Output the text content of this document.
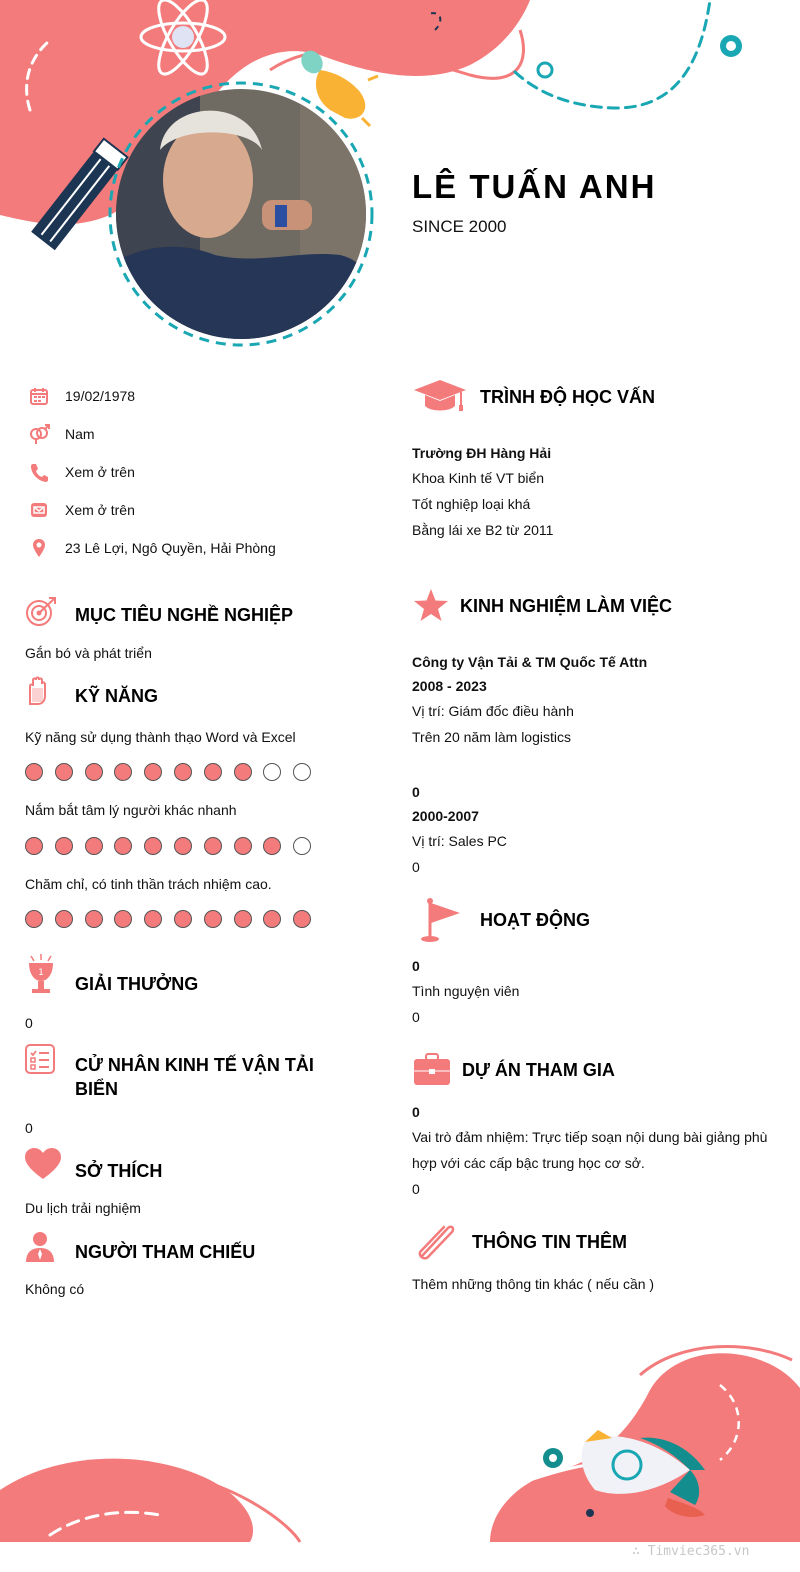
LÊ TUẤN ANH
SINCE 2000
19/02/1978
Nam
Xem ở trên
Xem ở trên
23 Lê Lợi, Ngô Quyền, Hải Phòng
MỤC TIÊU NGHỀ NGHIỆP
Gắn bó và phát triển
KỸ NĂNG
Kỹ năng sử dụng thành thạo Word và Excel
Nắm bắt tâm lý người khác nhanh
Chăm chỉ, có tinh thần trách nhiệm cao.
1
GIẢI THƯỞNG
0
CỬ NHÂN KINH TẾ VẬN TẢI
BIỂN
0
SỞ THÍCH
Du lịch trải nghiệm
NGƯỜI THAM CHIẾU
Không có
TRÌNH ĐỘ HỌC VẤN
Trường ĐH Hàng Hải
Khoa Kinh tế VT biển
Tốt nghiệp loại khá
Bằng lái xe B2 từ 2011
KINH NGHIỆM LÀM VIỆC
Công ty Vận Tải & TM Quốc Tế Attn
2008 - 2023
Vị trí: Giám đốc điều hành
Trên 20 năm làm logistics
0
2000-2007
Vị trí: Sales PC
0
HOẠT ĐỘNG
0
Tình nguyện viên
0
DỰ ÁN THAM GIA
0
Vai trò đảm nhiệm: Trực tiếp soạn nội dung bài giảng phù
hợp với các cấp bậc trung học cơ sở.
0
THÔNG TIN THÊM
Thêm những thông tin khác ( nếu cần )
∴ Timviec365.vn
